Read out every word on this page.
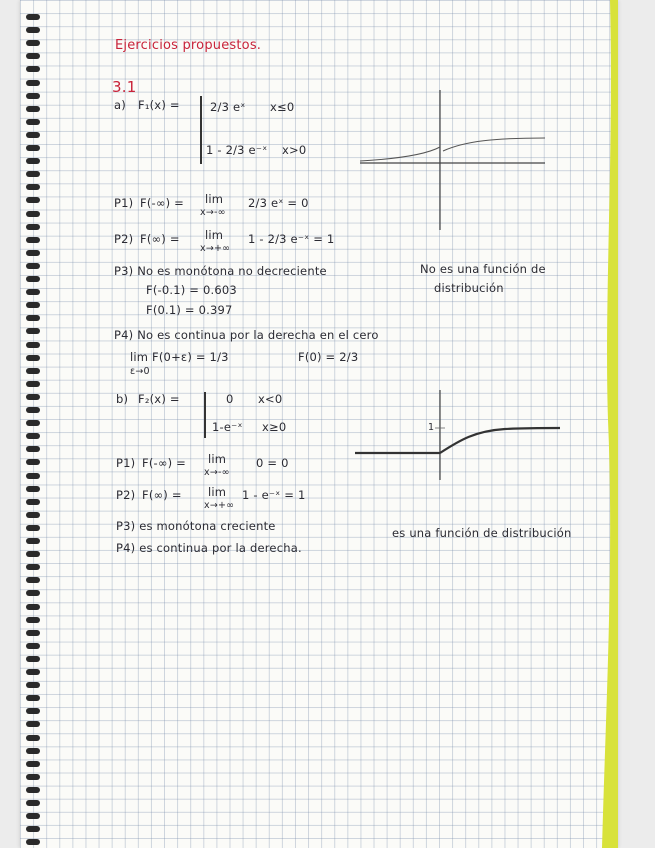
Ejercicios propuestos.
3.1
a) F₁(x) =	2/3 eˣ x≤0
1 - 2/3 e⁻ˣ x>0
P1) F(-∞) = lim
x→-∞
2/3 eˣ = 0
P2) F(∞) = lim
x→+∞
1 - 2/3 e⁻ˣ = 1
P3) No es monótona no decreciente
F(-0.1) = 0.603
F(0.1) = 0.397
No es una función de
distribución
P4) No es continua por la derecha en el cero
lim F(0+ε) = 1/3
ε→0
F(0) = 2/3
b) F₂(x) =	0 x<0
1-e⁻ˣ x≥0	1
P1) F(-∞) = lim
x→-∞
0 = 0
P2) F(∞) = lim
x→+∞
1 - e⁻ˣ = 1
P3) es monótona creciente
P4) es continua por la derecha.
es una función de distribución
